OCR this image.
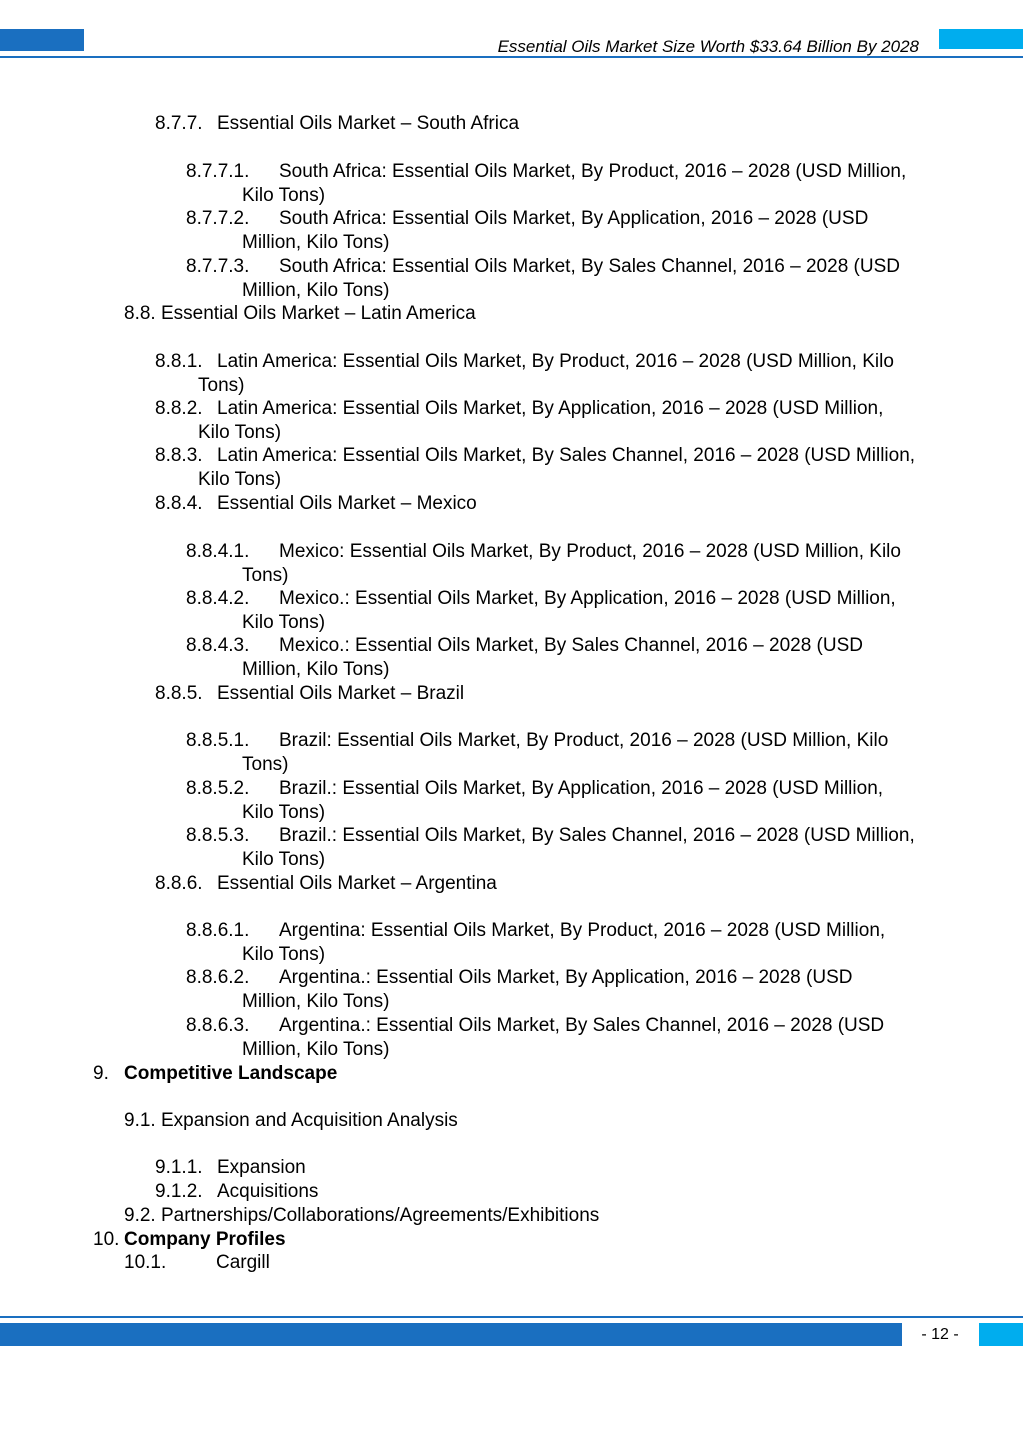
Essential Oils Market Size Worth $33.64 Billion By 2028
8.7.7. Essential Oils Market – South Africa
8.7.7.1. South Africa: Essential Oils Market, By Product, 2016 – 2028 (USD Million,
Kilo Tons)
8.7.7.2. South Africa: Essential Oils Market, By Application, 2016 – 2028 (USD
Million, Kilo Tons)
8.7.7.3. South Africa: Essential Oils Market, By Sales Channel, 2016 – 2028 (USD
Million, Kilo Tons)
8.8. Essential Oils Market – Latin America
8.8.1. Latin America: Essential Oils Market, By Product, 2016 – 2028 (USD Million, Kilo
Tons)
8.8.2. Latin America: Essential Oils Market, By Application, 2016 – 2028 (USD Million,
Kilo Tons)
8.8.3. Latin America: Essential Oils Market, By Sales Channel, 2016 – 2028 (USD Million,
Kilo Tons)
8.8.4. Essential Oils Market – Mexico
8.8.4.1. Mexico: Essential Oils Market, By Product, 2016 – 2028 (USD Million, Kilo
Tons)
8.8.4.2. Mexico.: Essential Oils Market, By Application, 2016 – 2028 (USD Million,
Kilo Tons)
8.8.4.3. Mexico.: Essential Oils Market, By Sales Channel, 2016 – 2028 (USD
Million, Kilo Tons)
8.8.5. Essential Oils Market – Brazil
8.8.5.1. Brazil: Essential Oils Market, By Product, 2016 – 2028 (USD Million, Kilo
Tons)
8.8.5.2. Brazil.: Essential Oils Market, By Application, 2016 – 2028 (USD Million,
Kilo Tons)
8.8.5.3. Brazil.: Essential Oils Market, By Sales Channel, 2016 – 2028 (USD Million,
Kilo Tons)
8.8.6. Essential Oils Market – Argentina
8.8.6.1. Argentina: Essential Oils Market, By Product, 2016 – 2028 (USD Million,
Kilo Tons)
8.8.6.2. Argentina.: Essential Oils Market, By Application, 2016 – 2028 (USD
Million, Kilo Tons)
8.8.6.3. Argentina.: Essential Oils Market, By Sales Channel, 2016 – 2028 (USD
Million, Kilo Tons)
9. Competitive Landscape
9.1. Expansion and Acquisition Analysis
9.1.1. Expansion
9.1.2. Acquisitions
9.2. Partnerships/Collaborations/Agreements/Exhibitions
10. Company Profiles
10.1.	Cargill
- 12 -
